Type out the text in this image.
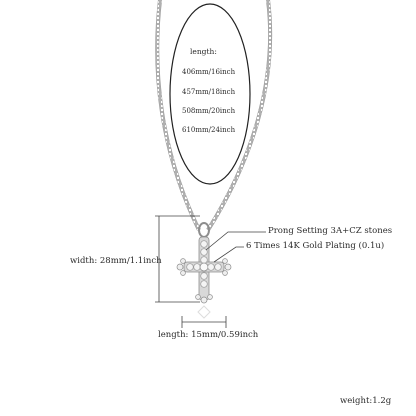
length:
406mm/16inch
457mm/18inch
508mm/20inch
610mm/24inch
Prong Setting 3A+CZ stones
6 Times 14K Gold Plating (0.1u)
width: 28mm/1.1inch
length: 15mm/0.59inch
weight:1.2g
